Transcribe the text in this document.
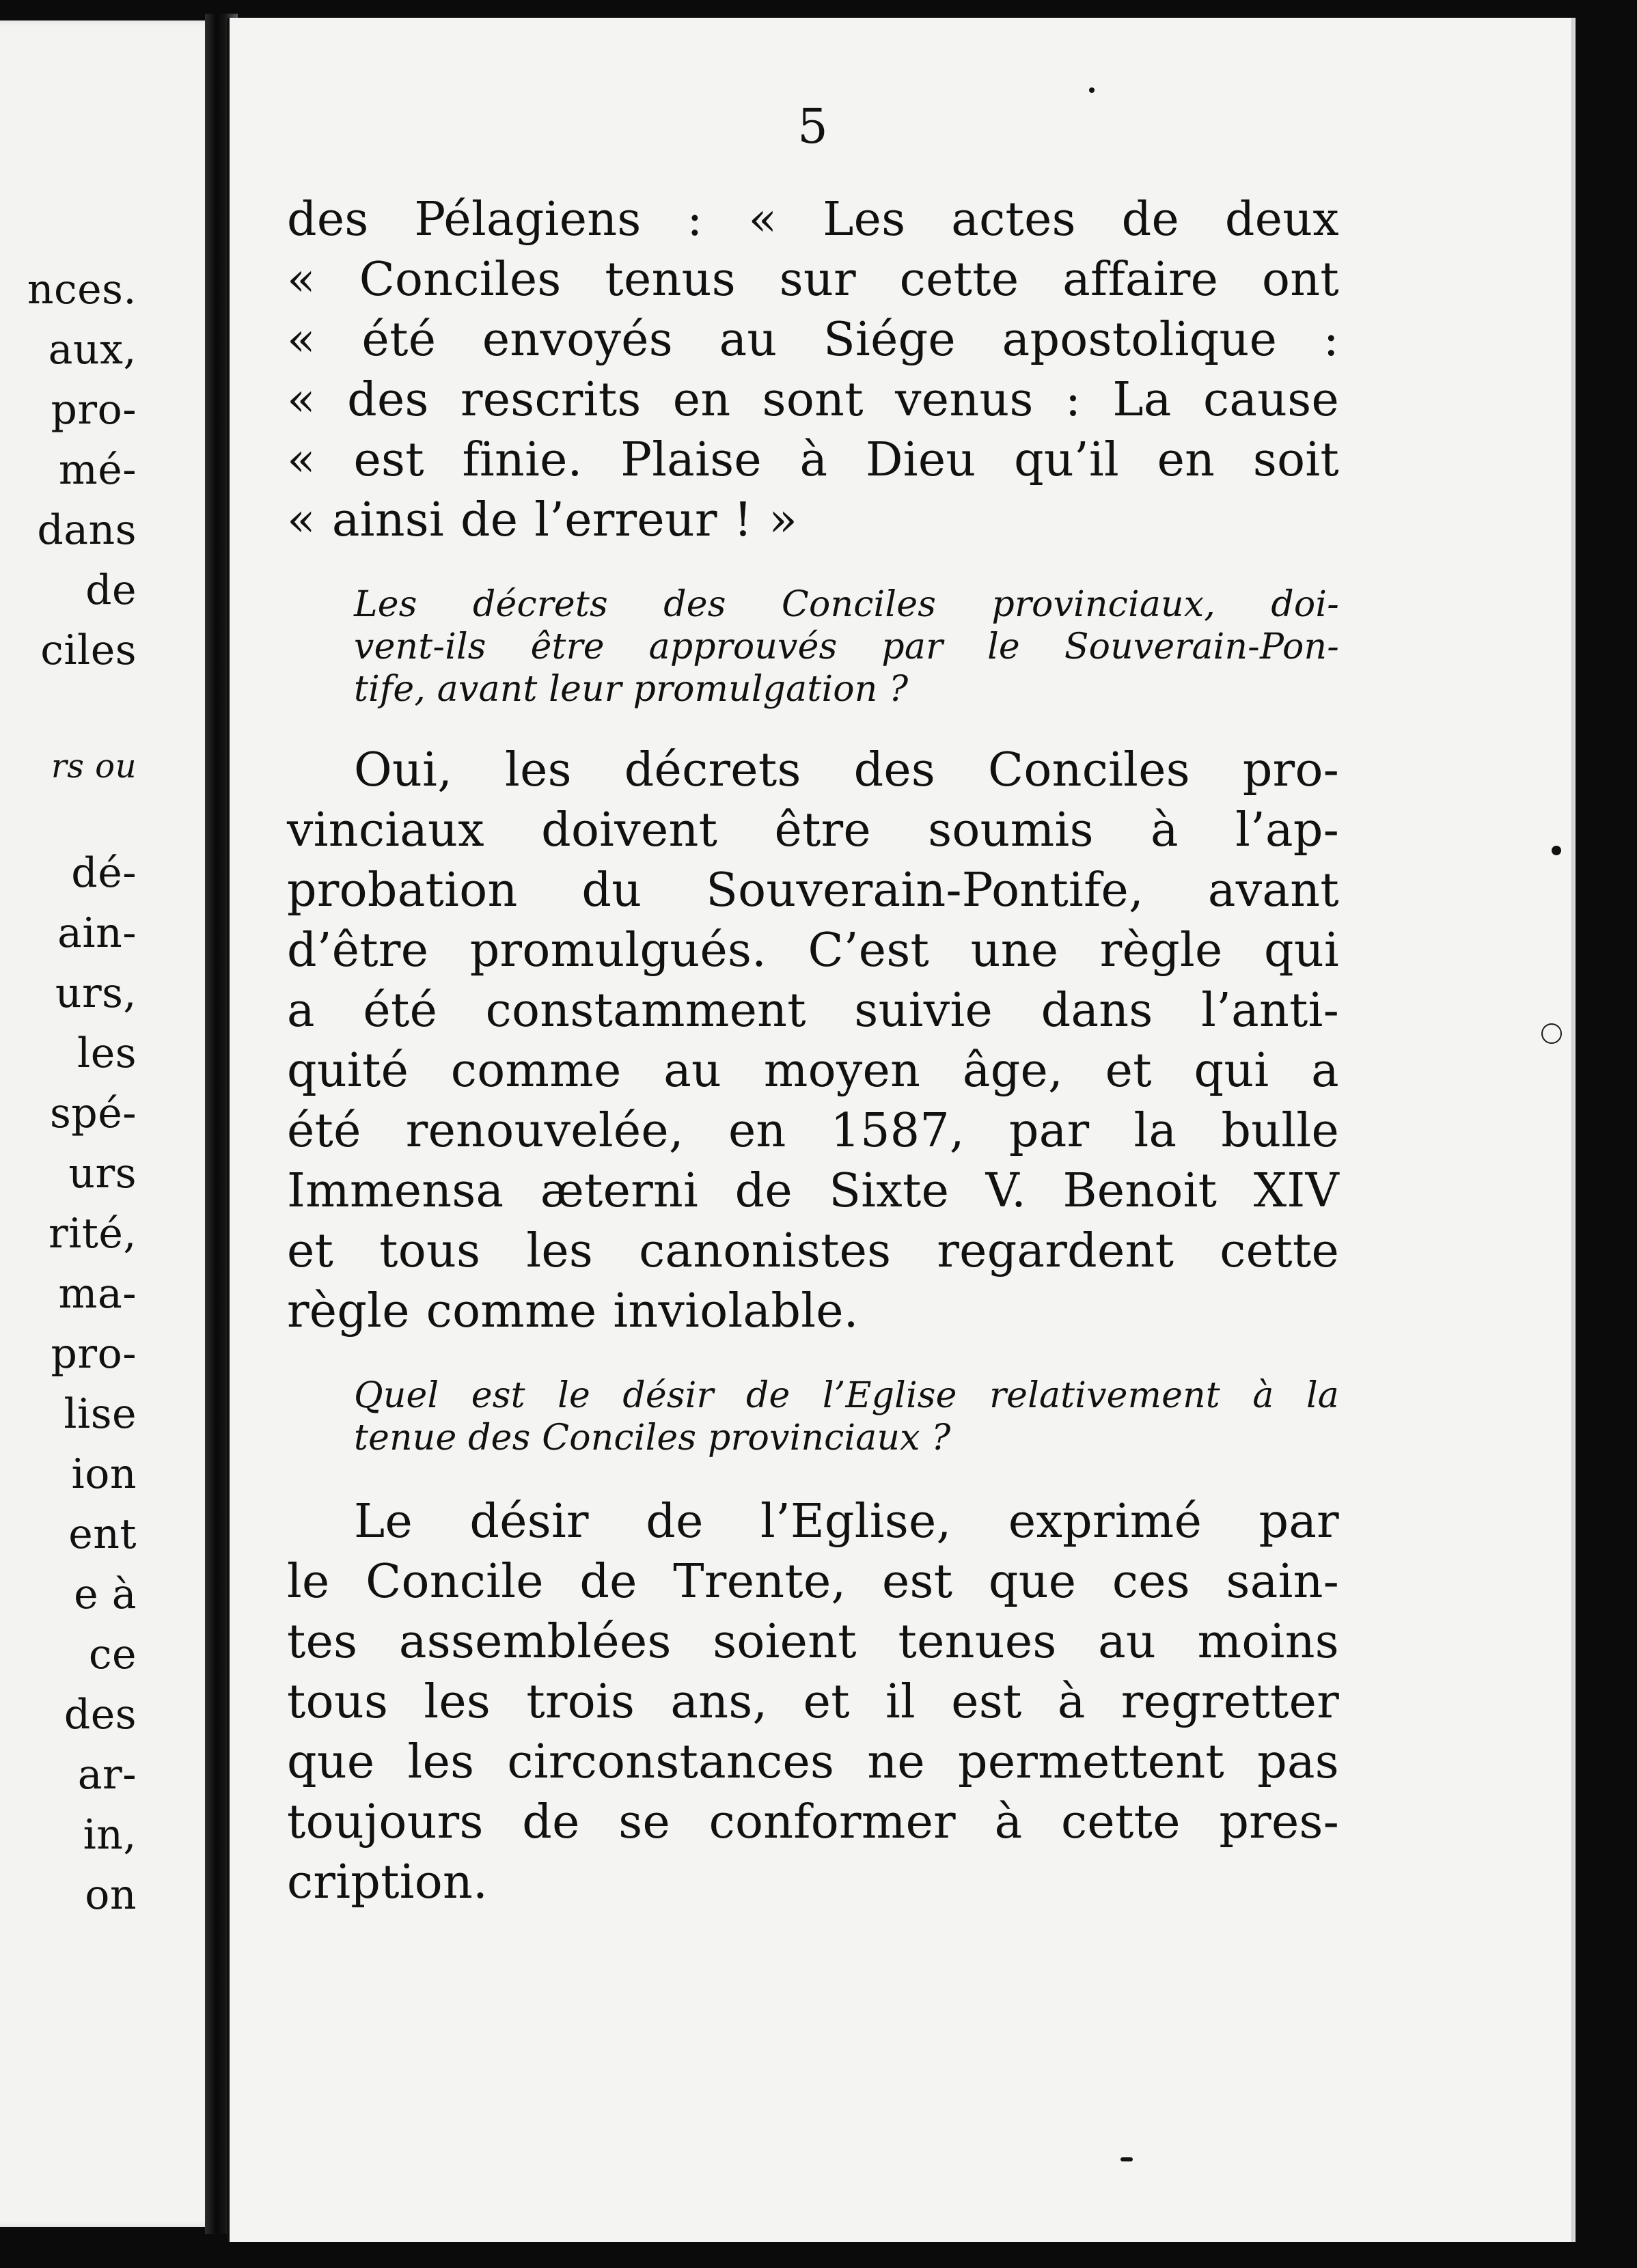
nces.
aux,
pro-
mé-
dans
de
ciles
rs ou
dé-
ain-
urs,
les
spé-
urs
rité,
ma-
pro-
lise
ion
ent
e à
ce
des
ar-
in,
on
5
des Pélagiens : « Les actes de deux
« Conciles tenus sur cette affaire ont
« été envoyés au Siége apostolique :
« des rescrits en sont venus : La cause
« est finie. Plaise à Dieu qu’il en soit
« ainsi de l’erreur ! »
Les décrets des Conciles provinciaux, doi-
vent-ils être approuvés par le Souverain-Pon-
tife, avant leur promulgation ?
Oui, les décrets des Conciles pro-
vinciaux doivent être soumis à l’ap-
probation du Souverain-Pontife, avant
d’être promulgués. C’est une règle qui
a été constamment suivie dans l’anti-
quité comme au moyen âge, et qui a
été renouvelée, en 1587, par la bulle
Immensa æterni de Sixte V. Benoit XIV
et tous les canonistes regardent cette
règle comme inviolable.
Quel est le désir de l’Eglise relativement à la
tenue des Conciles provinciaux ?
Le désir de l’Eglise, exprimé par
le Concile de Trente, est que ces sain-
tes assemblées soient tenues au moins
tous les trois ans, et il est à regretter
que les circonstances ne permettent pas
toujours de se conformer à cette pres-
cription.
